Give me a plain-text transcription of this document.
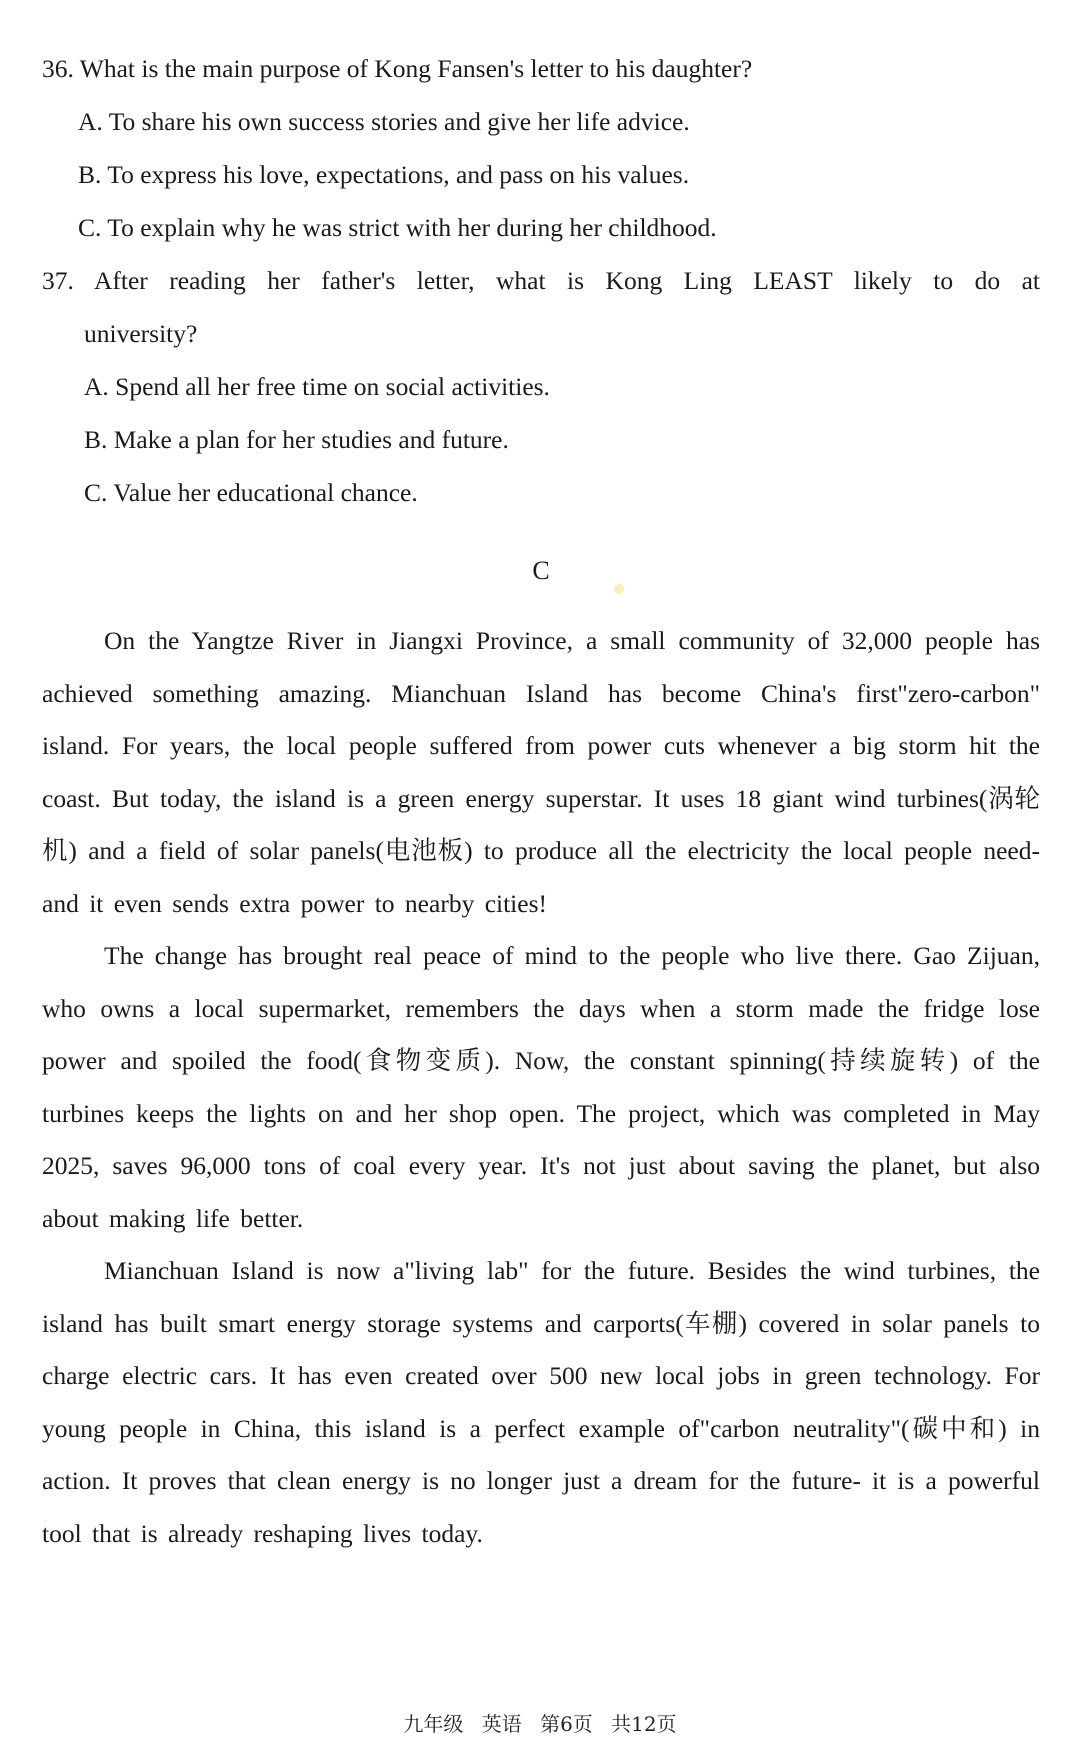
36. What is the main purpose of Kong Fansen's letter to his daughter?

A. To share his own success stories and give her life advice.

B. To express his love, expectations, and pass on his values.

C. To explain why he was strict with her during her childhood.

37. After reading her father's letter, what is Kong Ling LEAST likely to do at

university?

A. Spend all her free time on social activities.

B. Make a plan for her studies and future.

C. Value her educational chance.

C

On the Yangtze River in Jiangxi Province, a small community of 32,000 people has achieved something amazing. Mianchuan Island has become China's first"zero-carbon" island. For years, the local people suffered from power cuts whenever a big storm hit the coast. But today, the island is a green energy superstar. It uses 18 giant wind turbines(涡轮机) and a field of solar panels(电池板) to produce all the electricity the local people need- and it even sends extra power to nearby cities!

The change has brought real peace of mind to the people who live there. Gao Zijuan, who owns a local supermarket, remembers the days when a storm made the fridge lose power and spoiled the food(食物变质). Now, the constant spinning(持续旋转) of the turbines keeps the lights on and her shop open. The project, which was completed in May 2025, saves 96,000 tons of coal every year. It's not just about saving the planet, but also about making life better.

Mianchuan Island is now a"living lab" for the future. Besides the wind turbines, the island has built smart energy storage systems and carports(车棚) covered in solar panels to charge electric cars. It has even created over 500 new local jobs in green technology. For young people in China, this island is a perfect example of"carbon neutrality"(碳中和) in action. It proves that clean energy is no longer just a dream for the future- it is a powerful tool that is already reshaping lives today.

九年级 英语 第6页 共12页
